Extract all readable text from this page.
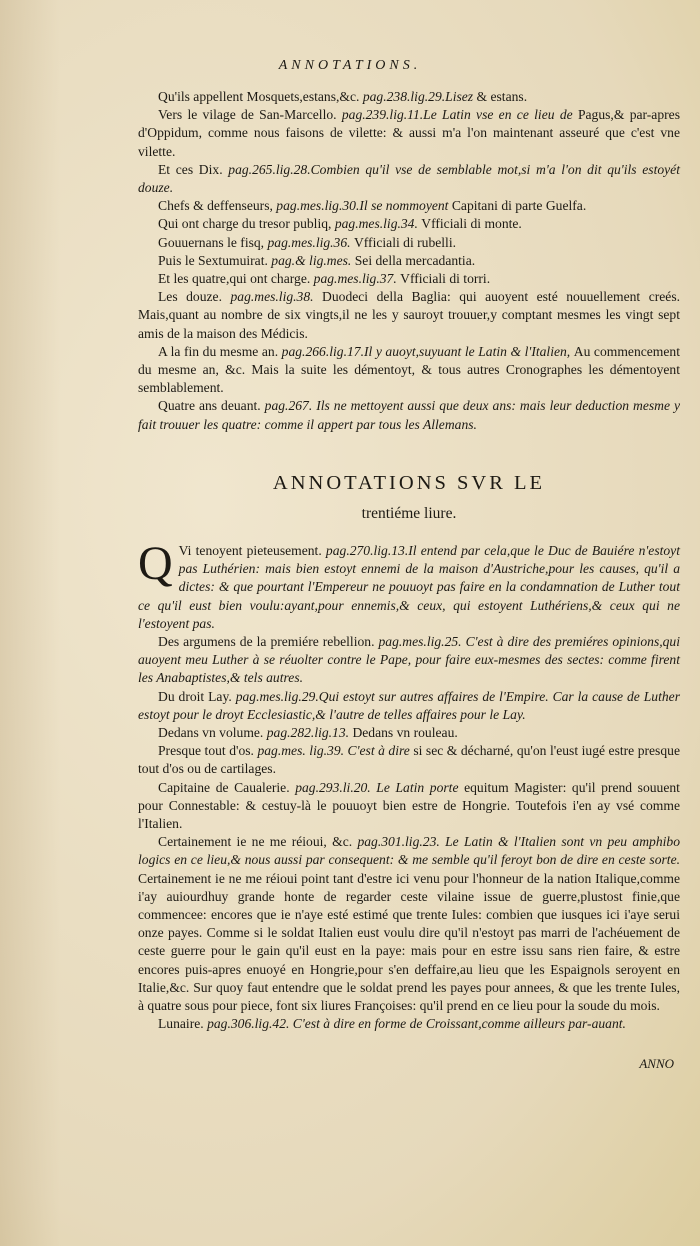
ANNOTATIONS.

Qu'ils appellent Mosquets,estans,&c. pag.238.lig.29.Lisez & estans.

Vers le vilage de San-Marcello. pag.239.lig.11.Le Latin vse en ce lieu de Pagus,& par-apres d'Oppidum, comme nous faisons de vilette: & aussi m'a l'on maintenant asseuré que c'est vne vilette.

Et ces Dix. pag.265.lig.28.Combien qu'il vse de semblable mot,si m'a l'on dit qu'ils estoyét douze.

Chefs & deffenseurs, pag.mes.lig.30.Il se nommoyent Capitani di parte Guelfa.

Qui ont charge du tresor publiq, pag.mes.lig.34. Vfficiali di monte.

Gouuernans le fisq, pag.mes.lig.36. Vfficiali di rubelli.

Puis le Sextumuirat. pag.& lig.mes. Sei della mercadantia.

Et les quatre,qui ont charge. pag.mes.lig.37. Vfficiali di torri.

Les douze. pag.mes.lig.38. Duodeci della Baglia: qui auoyent esté nouuellement creés. Mais,quant au nombre de six vingts,il ne les y sauroyt trouuer,y comptant mesmes les vingt sept amis de la maison des Médicis.

A la fin du mesme an. pag.266.lig.17.Il y auoyt,suyuant le Latin & l'Italien, Au commencement du mesme an, &c. Mais la suite les démentoyt, & tous autres Cronographes les démentoyent semblablement.

Quatre ans deuant. pag.267. Ils ne mettoyent aussi que deux ans: mais leur deduction mesme y fait trouuer les quatre: comme il appert par tous les Allemans.

ANNOTATIONS SVR LE
trentiéme liure.

Q Vi tenoyent pieteusement. pag.270.lig.13.Il entend par cela,que le Duc de Bauiére n'estoyt pas Luthérien: mais bien estoyt ennemi de la maison d'Austriche,pour les causes, qu'il a dictes: & que pourtant l'Empereur ne pouuoyt pas faire en la condamnation de Luther tout ce qu'il eust bien voulu:ayant,pour ennemis,& ceux, qui estoyent Luthériens,& ceux qui ne l'estoyent pas.

Des argumens de la premiére rebellion. pag.mes.lig.25. C'est à dire des premiéres opinions,qui auoyent meu Luther à se réuolter contre le Pape, pour faire eux-mesmes des sectes: comme firent les Anabaptistes,& tels autres.

Du droit Lay. pag.mes.lig.29.Qui estoyt sur autres affaires de l'Empire. Car la cause de Luther estoyt pour le droyt Ecclesiastic,& l'autre de telles affaires pour le Lay.

Dedans vn volume. pag.282.lig.13. Dedans vn rouleau.

Presque tout d'os. pag.mes. lig.39. C'est à dire si sec & décharné, qu'on l'eust iugé estre presque tout d'os ou de cartilages.

Capitaine de Caualerie. pag.293.li.20. Le Latin porte equitum Magister: qu'il prend souuent pour Connestable: & cestuy-là le pouuoyt bien estre de Hongrie. Toutefois i'en ay vsé comme l'Italien.

Certainement ie ne me réioui, &c. pag.301.lig.23. Le Latin & l'Italien sont vn peu amphibo logics en ce lieu,& nous aussi par consequent: & me semble qu'il feroyt bon de dire en ceste sorte. Certainement ie ne me réioui point tant d'estre ici venu pour l'honneur de la nation Italique,comme i'ay auiourdhuy grande honte de regarder ceste vilaine issue de guerre,plustost finie,que commencee: encores que ie n'aye esté estimé que trente Iules: combien que iusques ici i'aye serui onze payes. Comme si le soldat Italien eust voulu dire qu'il n'estoyt pas marri de l'achéuement de ceste guerre pour le gain qu'il eust en la paye: mais pour en estre issu sans rien faire, & estre encores puis-apres enuoyé en Hongrie,pour s'en deffaire,au lieu que les Espaignols seroyent en Italie,&c. Sur quoy faut entendre que le soldat prend les payes pour annees, & que les trente Iules, à quatre sous pour piece, font six liures Françoises: qu'il prend en ce lieu pour la soude du mois.

Lunaire. pag.306.lig.42. C'est à dire en forme de Croissant,comme ailleurs par-auant.

ANNO
